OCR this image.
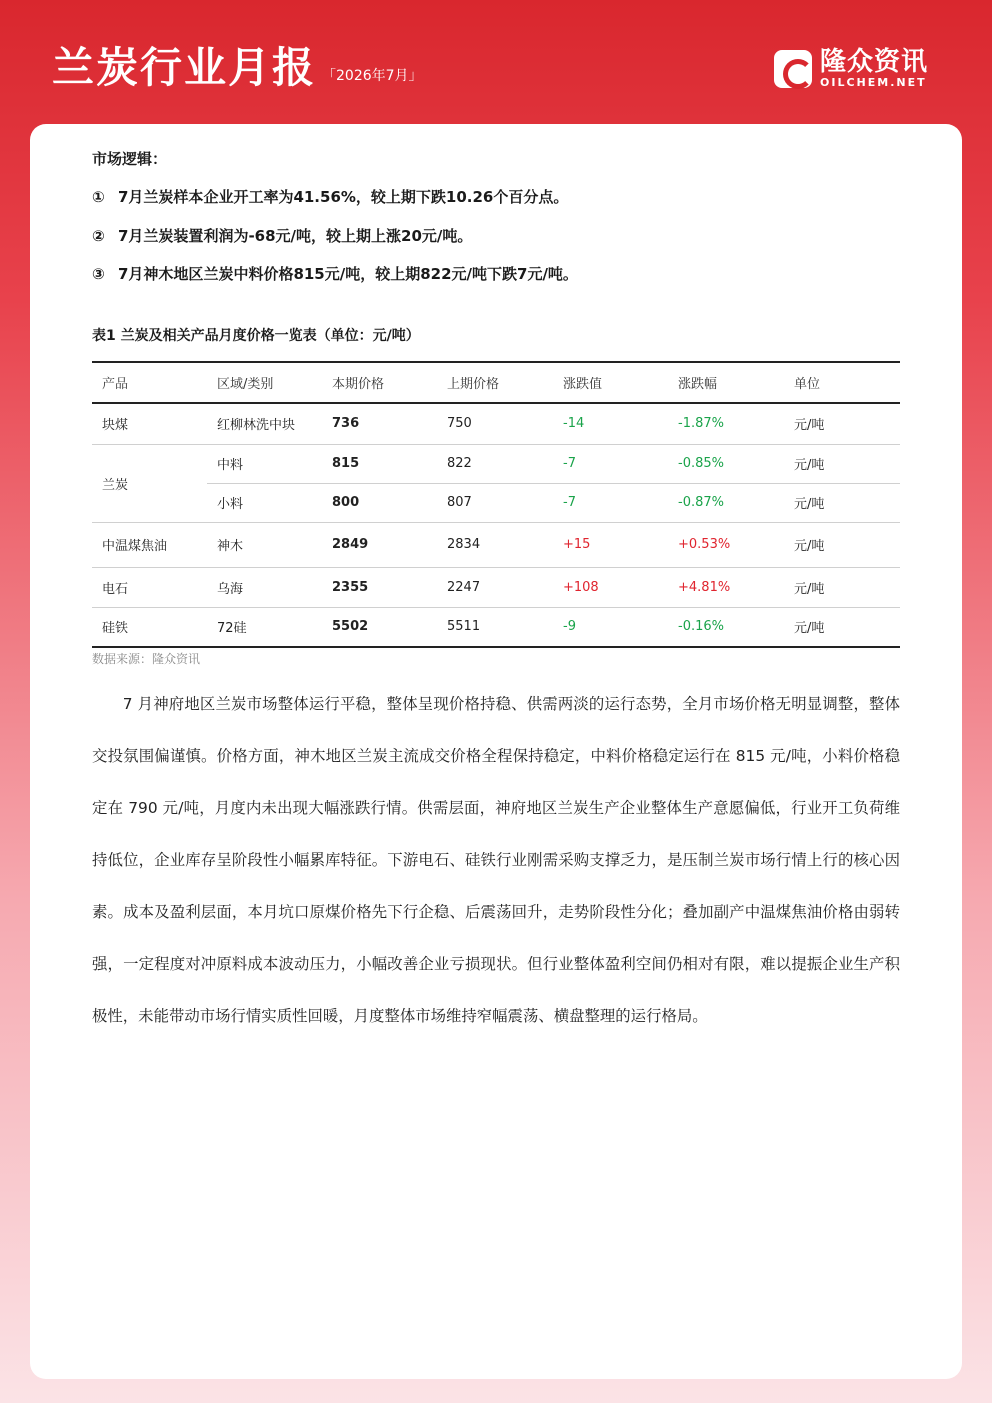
兰炭行业月报 「2026年7月」	隆众资讯
OILCHEM.NET
市场逻辑：
① 7月兰炭样本企业开工率为41.56%，较上期下跌10.26个百分点。
② 7月兰炭装置利润为-68元/吨，较上期上涨20元/吨。
③ 7月神木地区兰炭中料价格815元/吨，较上期822元/吨下跌7元/吨。
表1 兰炭及相关产品月度价格一览表（单位：元/吨）
产品	区域/类别	本期价格	上期价格	涨跌值	涨跌幅	单位
块煤	红柳林洗中块	736	750	-14	-1.87%	元/吨
兰炭	中料	815	822	-7	-0.85%	元/吨
	小料	800	807	-7	-0.87%	元/吨
中温煤焦油	神木	2849	2834	+15	+0.53%	元/吨
电石	乌海	2355	2247	+108	+4.81%	元/吨
硅铁	72硅	5502	5511	-9	-0.16%	元/吨
数据来源：隆众资讯

7 月神府地区兰炭市场整体运行平稳，整体呈现价格持稳、供需两淡的运行态势，全月市场价格无明显调整，整体交投氛围偏谨慎。价格方面，神木地区兰炭主流成交价格全程保持稳定，中料价格稳定运行在 815 元/吨，小料价格稳定在 790 元/吨，月度内未出现大幅涨跌行情。供需层面，神府地区兰炭生产企业整体生产意愿偏低，行业开工负荷维持低位，企业库存呈阶段性小幅累库特征。下游电石、硅铁行业刚需采购支撑乏力，是压制兰炭市场行情上行的核心因素。成本及盈利层面，本月坑口原煤价格先下行企稳、后震荡回升，走势阶段性分化；叠加副产中温煤焦油价格由弱转强，一定程度对冲原料成本波动压力，小幅改善企业亏损现状。但行业整体盈利空间仍相对有限，难以提振企业生产积极性，未能带动市场行情实质性回暖，月度整体市场维持窄幅震荡、横盘整理的运行格局。
